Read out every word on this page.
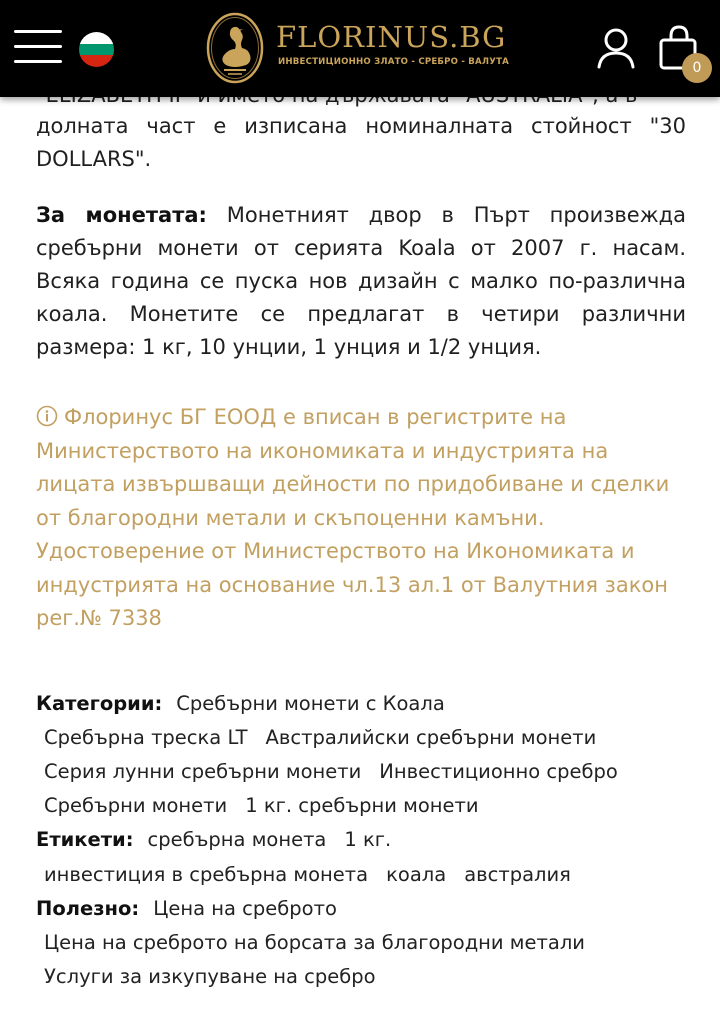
FLORINUS.BG
ИНВЕСТИЦИОННО ЗЛАТО - СРЕБРО - ВАЛУТА	0

долната част е изписана номиналната стойност "30 DOLLARS".

За монетата: Монетният двор в Пърт произвежда сребърни монети от серията Koala от 2007 г. насам. Всяка година се пуска нов дизайн с малко по-различна коала. Монетите се предлагат в четири различни размера: 1 кг, 10 унции, 1 унция и 1/2 унция.

Флоринус БГ ЕООД е вписан в регистрите на Министерството на икономиката и индустрията на лицата извършващи дейности по придобиване и сделки от благородни метали и скъпоценни камъни. Удостоверение от Министерството на Икономиката и индустрията на основание чл.13 ал.1 от Валутния закон рег.№ 7338

Категории: Сребърни монети с Коала
Сребърна треска LT Австралийски сребърни монети
Серия лунни сребърни монети Инвестиционно сребро
Сребърни монети 1 кг. сребърни монети
Етикети: сребърна монета 1 кг.
инвестиция в сребърна монета коала австралия
Полезно: Цена на среброто
Цена на среброто на борсата за благородни метали
Услуги за изкупуване на сребро
